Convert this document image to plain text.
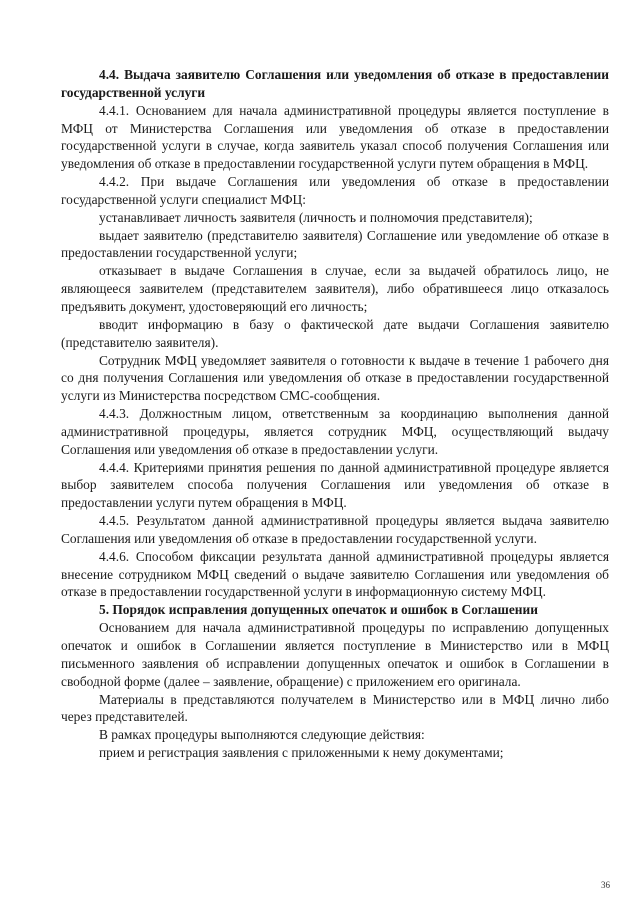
4.4. Выдача заявителю Соглашения или уведомления об отказе в предоставлении государственной услуги

4.4.1. Основанием для начала административной процедуры является поступление в МФЦ от Министерства Соглашения или уведомления об отказе в предоставлении государственной услуги в случае, когда заявитель указал способ получения Соглашения или уведомления об отказе в предоставлении государственной услуги путем обращения в МФЦ.

4.4.2. При выдаче Соглашения или уведомления об отказе в предоставлении государственной услуги специалист МФЦ:

устанавливает личность заявителя (личность и полномочия представителя);

выдает заявителю (представителю заявителя) Соглашение или уведомление об отказе в предоставлении государственной услуги;

отказывает в выдаче Соглашения в случае, если за выдачей обратилось лицо, не являющееся заявителем (представителем заявителя), либо обратившееся лицо отказалось предъявить документ, удостоверяющий его личность;

вводит информацию в базу о фактической дате выдачи Соглашения заявителю (представителю заявителя).

Сотрудник МФЦ уведомляет заявителя о готовности к выдаче в течение 1 рабочего дня со дня получения Соглашения или уведомления об отказе в предоставлении государственной услуги из Министерства посредством СМС-сообщения.

4.4.3. Должностным лицом, ответственным за координацию выполнения данной административной процедуры, является сотрудник МФЦ, осуществляющий выдачу Соглашения или уведомления об отказе в предоставлении услуги.

4.4.4. Критериями принятия решения по данной административной процедуре является выбор заявителем способа получения Соглашения или уведомления об отказе в предоставлении услуги путем обращения в МФЦ.

4.4.5. Результатом данной административной процедуры является выдача заявителю Соглашения или уведомления об отказе в предоставлении государственной услуги.

4.4.6. Способом фиксации результата данной административной процедуры является внесение сотрудником МФЦ сведений о выдаче заявителю Соглашения или уведомления об отказе в предоставлении государственной услуги в информационную систему МФЦ.

5. Порядок исправления допущенных опечаток и ошибок в Соглашении

Основанием для начала административной процедуры по исправлению допущенных опечаток и ошибок в Соглашении является поступление в Министерство или в МФЦ письменного заявления об исправлении допущенных опечаток и ошибок в Соглашении в свободной форме (далее – заявление, обращение) с приложением его оригинала.

Материалы в представляются получателем в Министерство или в МФЦ лично либо через представителей.

В рамках процедуры выполняются следующие действия:

прием и регистрация заявления с приложенными к нему документами;

36
